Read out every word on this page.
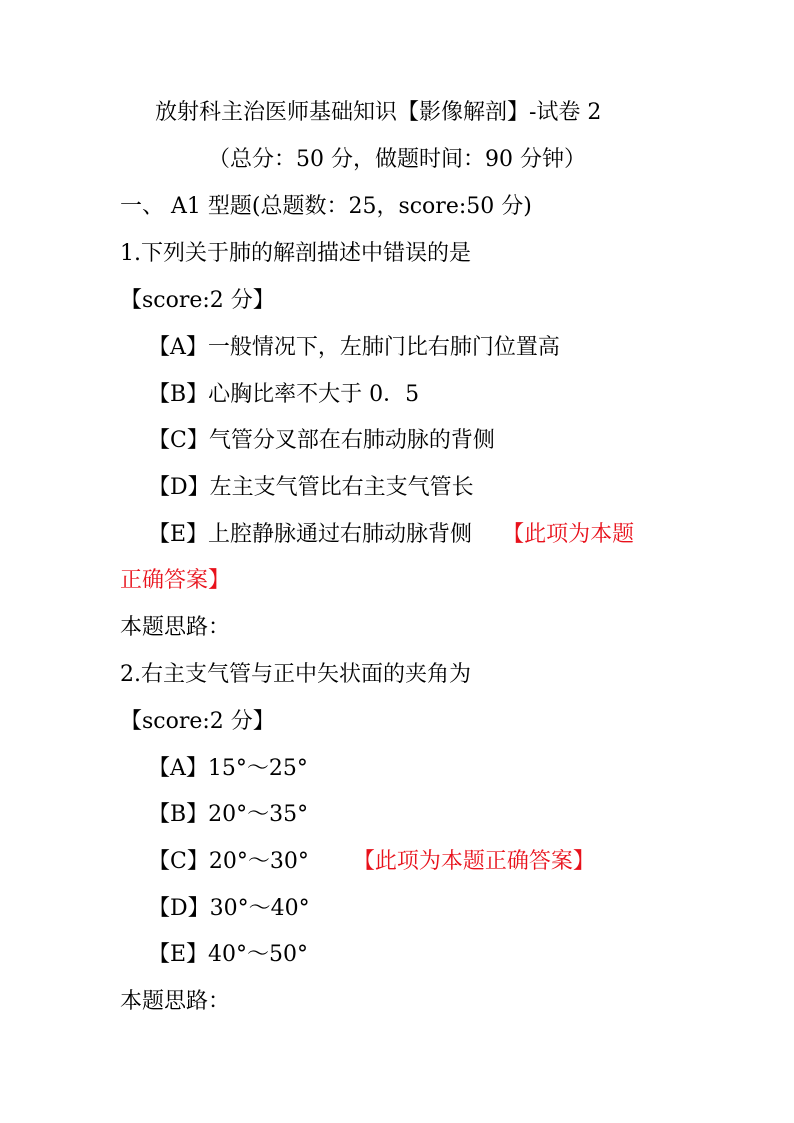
放射科主治医师基础知识【影像解剖】-试卷 2
（总分：50 分，做题时间：90 分钟）
一、 A1 型题(总题数：25，score:50 分)
1.下列关于肺的解剖描述中错误的是
【score:2 分】
【A】一般情况下，左肺门比右肺门位置高
【B】心胸比率不大于 0．5
【C】气管分叉部在右肺动脉的背侧
【D】左主支气管比右主支气管长
【E】上腔静脉通过右肺动脉背侧 【此项为本题
正确答案】
本题思路：
2.右主支气管与正中矢状面的夹角为
【score:2 分】
【A】15°～25°
【B】20°～35°
【C】20°～30° 【此项为本题正确答案】
【D】30°～40°
【E】40°～50°
本题思路：
